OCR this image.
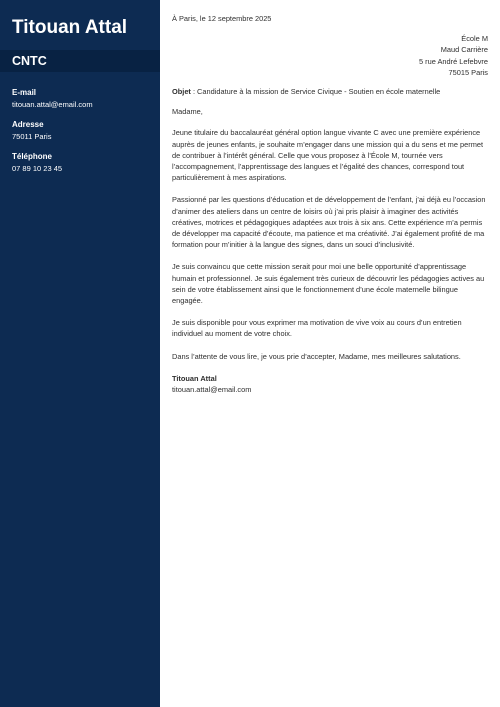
Titouan Attal
CNTC
E-mail
titouan.attal@email.com
Adresse
75011 Paris
Téléphone
07 89 10 23 45
À Paris, le 12 septembre 2025
École M
Maud Carrière
5 rue André Lefebvre
75015 Paris
Objet : Candidature à la mission de Service Civique - Soutien en école maternelle
Madame,

Jeune titulaire du baccalauréat général option langue vivante C avec une première expérience auprès de jeunes enfants, je souhaite m’engager dans une mission qui a du sens et me permet de contribuer à l’intérêt général. Celle que vous proposez à l’École M, tournée vers l’accompagnement, l’apprentissage des langues et l’égalité des chances, correspond tout particulièrement à mes aspirations.

Passionné par les questions d’éducation et de développement de l’enfant, j’ai déjà eu l’occasion d’animer des ateliers dans un centre de loisirs où j’ai pris plaisir à imaginer des activités créatives, motrices et pédagogiques adaptées aux trois à six ans. Cette expérience m’a permis de développer ma capacité d’écoute, ma patience et ma créativité. J’ai également profité de ma formation pour m’initier à la langue des signes, dans un souci d’inclusivité.

Je suis convaincu que cette mission serait pour moi une belle opportunité d’apprentissage humain et professionnel. Je suis également très curieux de découvrir les pédagogies actives au sein de votre établissement ainsi que le fonctionnement d’une école maternelle bilingue engagée.

Je suis disponible pour vous exprimer ma motivation de vive voix au cours d’un entretien individuel au moment de votre choix.

Dans l’attente de vous lire, je vous prie d’accepter, Madame, mes meilleures salutations.

Titouan Attal
titouan.attal@email.com
